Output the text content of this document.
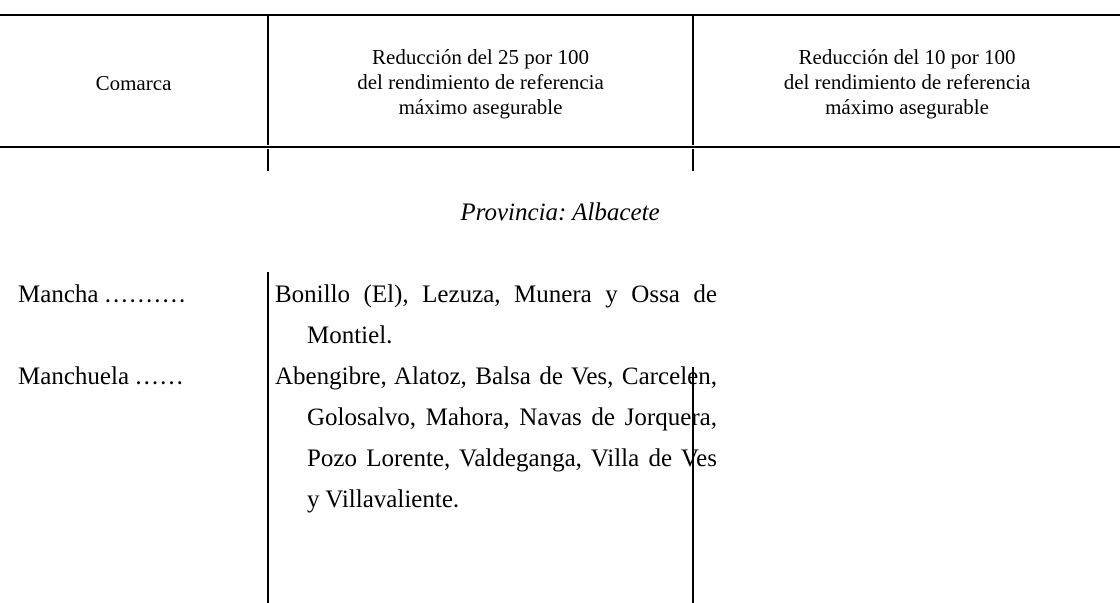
Comarca
Reducción del 25 por 100
del rendimiento de referencia
máximo asegurable
Reducción del 10 por 100
del rendimiento de referencia
máximo asegurable
Provincia: Albacete
Mancha ..........	Bonillo (El), Lezuza, Munera y Ossa de Montiel.
Manchuela ......	Abengibre, Alatoz, Balsa de Ves, Carcelen, Golosalvo, Mahora, Navas de Jorquera, Pozo Lorente, Valdeganga, Villa de Ves y Villavaliente.
